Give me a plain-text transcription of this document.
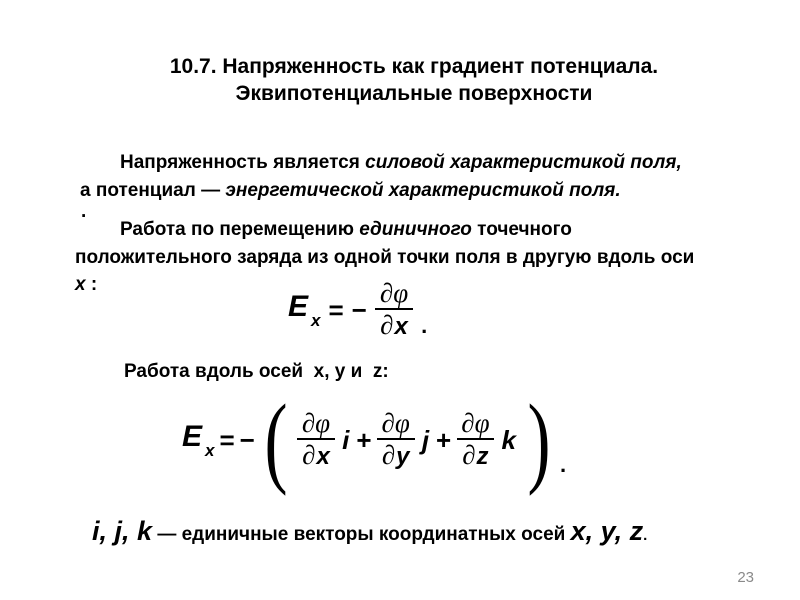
10.7. Напряженность как градиент потенциала.
Эквипотенциальные поверхности
Напряженность является силовой характеристикой поля,
а потенциал — энергетической характеристикой поля.
.
Работа по перемещению единичного точечного
положительного заряда из одной точки поля в другую вдоль оси
x :
Ex = − $\frac{\partial\varphi}{\partial x}$ .
Работа вдоль осей  x, y и  z:
Ex = − ( $\frac{\partial\varphi}{\partial x}$ $i + \frac{\partial\varphi}{\partial y}$ $j + \frac{\partial\varphi}{\partial z}$ k ) .
i, j, k — единичные векторы координатных осей x, y, z.
23
